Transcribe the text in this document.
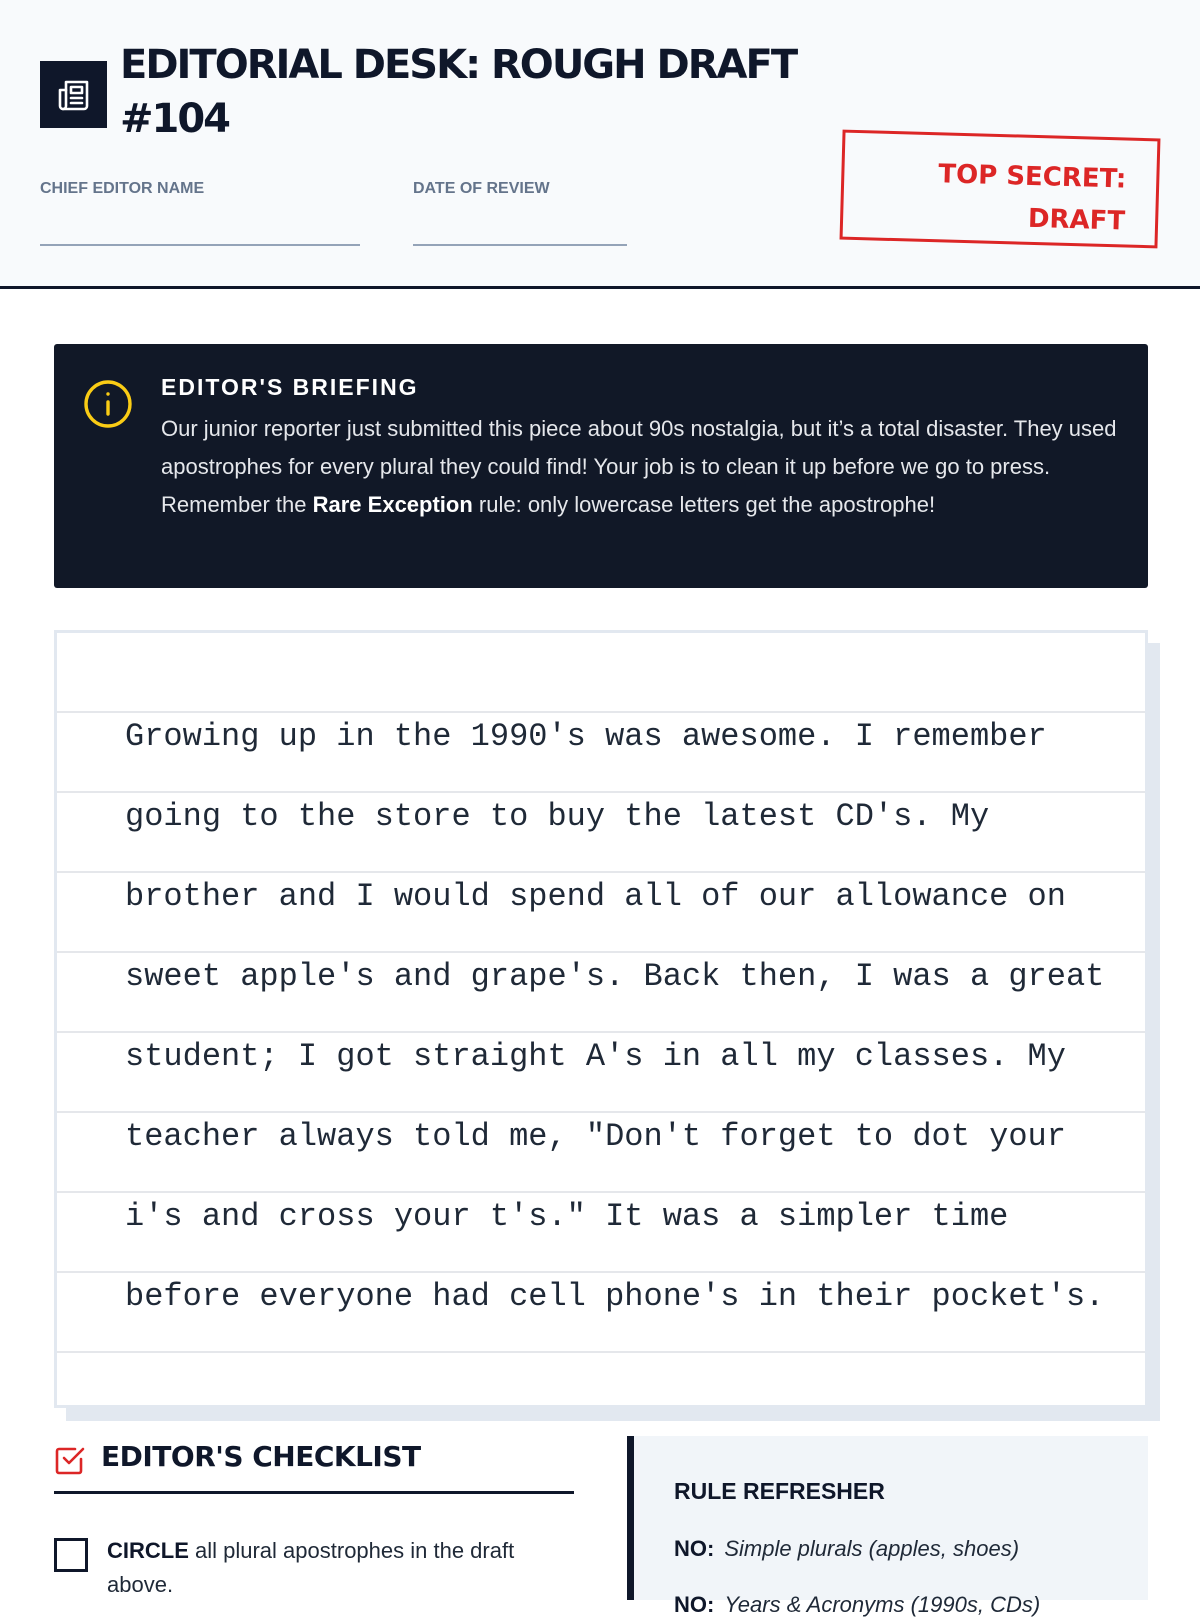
EDITORIAL DESK: ROUGH DRAFT #104
CHIEF EDITOR NAME	DATE OF REVIEW	TOP SECRET:
DRAFT
EDITOR'S BRIEFING

Our junior reporter just submitted this piece about 90s nostalgia, but it’s a total disaster. They used apostrophes for every plural they could find! Your job is to clean it up before we go to press. Remember the Rare Exception rule: only lowercase letters get the apostrophe!

Growing up in the 1990's was awesome. I remember
going to the store to buy the latest CD's. My
brother and I would spend all of our allowance on
sweet apple's and grape's. Back then, I was a great
student; I got straight A's in all my classes. My
teacher always told me, "Don't forget to dot your
i's and cross your t's." It was a simpler time
before everyone had cell phone's in their pocket's.
EDITOR'S CHECKLIST
CIRCLE all plural apostrophes in the draft above.
RULE REFRESHER
NO: Simple plurals (apples, shoes)
NO: Years & Acronyms (1990s, CDs)
